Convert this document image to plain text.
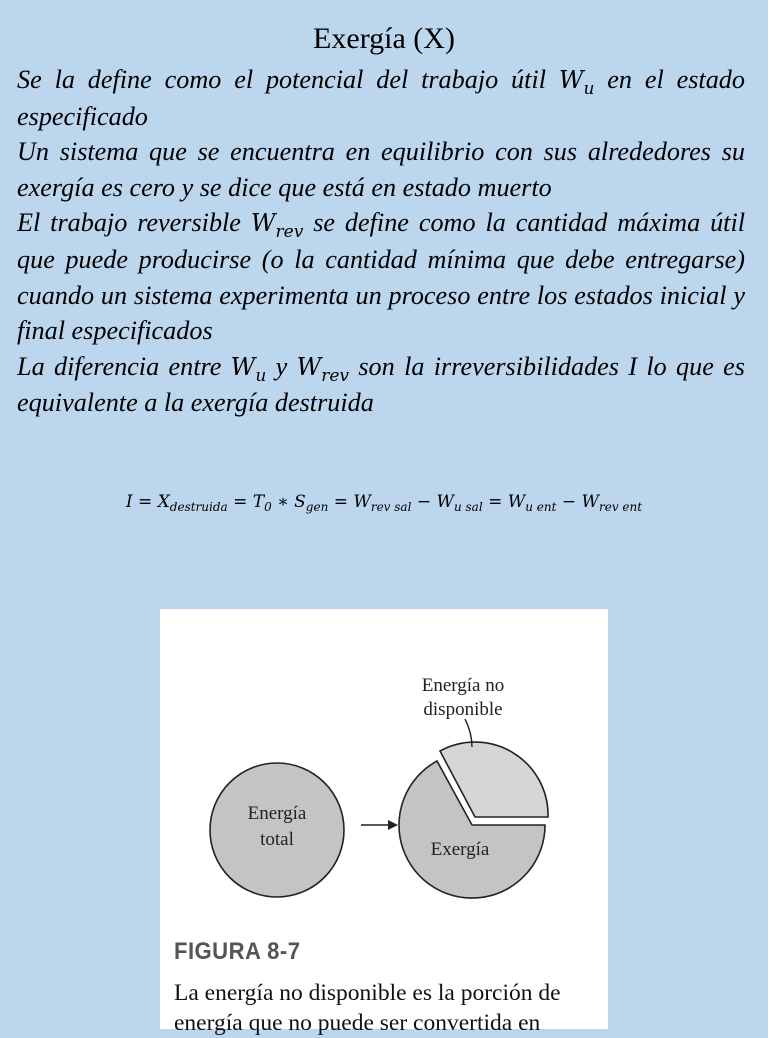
Exergía (X)

Se la define como el potencial del trabajo útil $W_u$ en el estado especificado

Un sistema que se encuentra en equilibrio con sus alrededores su exergía es cero y se dice que está en estado muerto

El trabajo reversible $W_{rev}$ se define como la cantidad máxima útil que puede producirse (o la cantidad mínima que debe entregarse) cuando un sistema experimenta un proceso entre los estados inicial y final especificados

La diferencia entre $W_u$ y $W_{rev}$ son la irreversibilidades I lo que es equivalente a la exergía destruida

$I = X_{destruida} = T_0$ ∗ $S_{gen} = W_{rev sal} - W_{u sal} = W_{u ent} - W_{rev ent}$
Energía
total	Exergía
Energía no
disponible
FIGURA 8-7
La energía no disponible es la porción de energía que no puede ser convertida en
